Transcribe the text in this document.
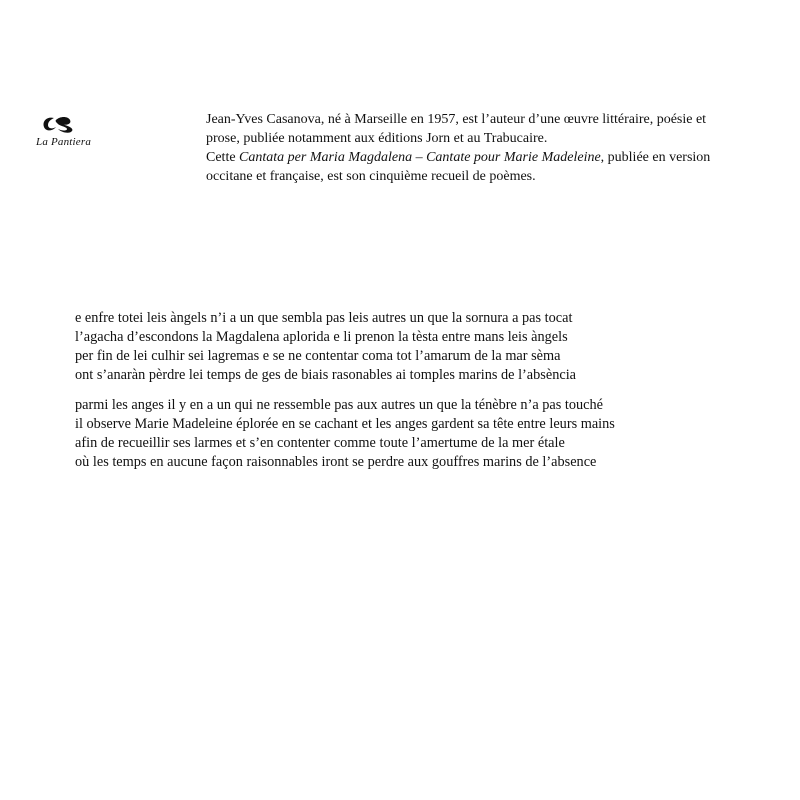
La Pantiera

Jean-Yves Casanova, né à Marseille en 1957, est l’auteur d’une œuvre littéraire, poésie et

prose, publiée notamment aux éditions Jorn et au Trabucaire.

Cette Cantata per Maria Magdalena – Cantate pour Marie Madeleine, publiée en version

occitane et française, est son cinquième recueil de poèmes.

e enfre totei leis àngels n’i a un que sembla pas leis autres un que la sornura a pas tocat
l’agacha d’escondons la Magdalena aplorida e li prenon la tèsta entre mans leis àngels
per fin de lei culhir sei lagremas e se ne contentar coma tot l’amarum de la mar sèma
ont s’anaràn pèrdre lei temps de ges de biais rasonables ai tomples marins de l’absència
parmi les anges il y en a un qui ne ressemble pas aux autres un que la ténèbre n’a pas touché
il observe Marie Madeleine éplorée en se cachant et les anges gardent sa tête entre leurs mains
afin de recueillir ses larmes et s’en contenter comme toute l’amertume de la mer étale
où les temps en aucune façon raisonnables iront se perdre aux gouffres marins de l’absence
